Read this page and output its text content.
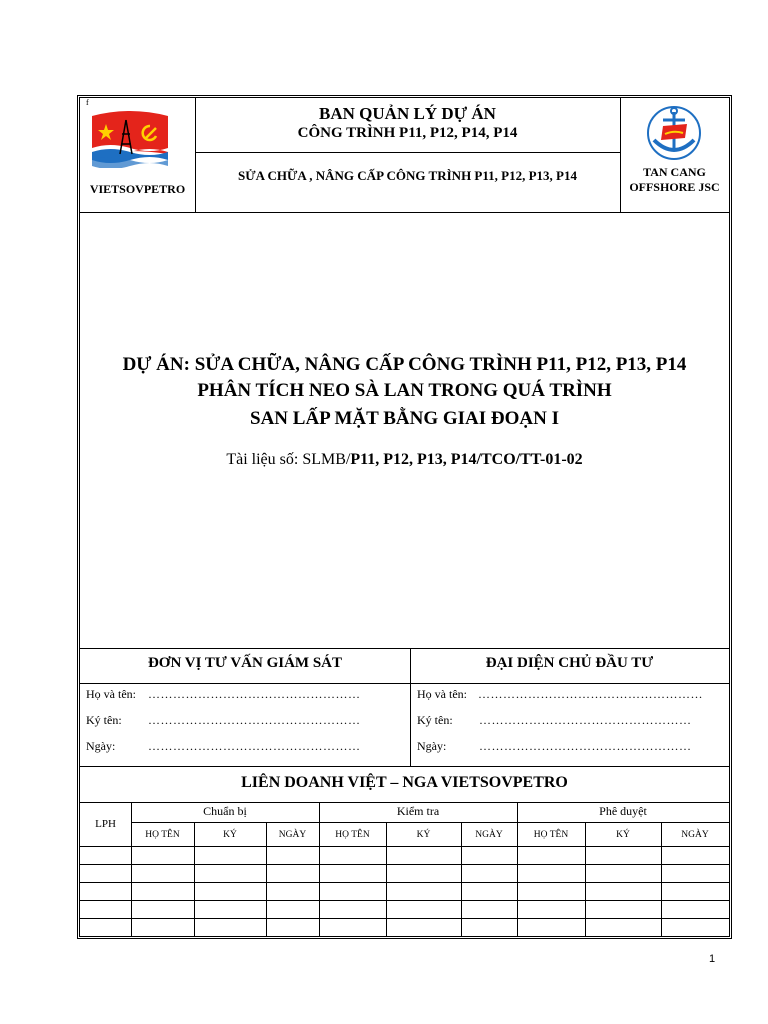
f
VIETSOVPETRO
BAN QUẢN LÝ DỰ ÁN
CÔNG TRÌNH P11, P12, P14, P14
SỬA CHỮA , NÂNG CẤP CÔNG TRÌNH P11, P12, P13, P14	TAN CANG
OFFSHORE JSC
DỰ ÁN: SỬA CHỮA, NÂNG CẤP CÔNG TRÌNH P11, P12, P13, P14
PHÂN TÍCH NEO SÀ LAN TRONG QUÁ TRÌNH
SAN LẤP MẶT BẰNG GIAI ĐOẠN I
Tài liệu số: SLMB/P11, P12, P13, P14/TCO/TT-01-02
ĐƠN VỊ TƯ VẤN GIÁM SÁT	ĐẠI DIỆN CHỦ ĐẦU TƯ
Họ và tên: ……………………………………………
Ký tên: ……………………………………………
Ngày:	……………………………………………
Họ và tên: ………………………………………………
Ký tên: ……………………………………………
Ngày:	……………………………………………
LIÊN DOANH VIỆT – NGA VIETSOVPETRO
LPH
Chuẩn bị	Kiểm tra	Phê duyệt
HỌ TÊN	KÝ	NGÀY	HỌ TÊN	KÝ	NGÀY	HỌ TÊN	KÝ	NGÀY
1
